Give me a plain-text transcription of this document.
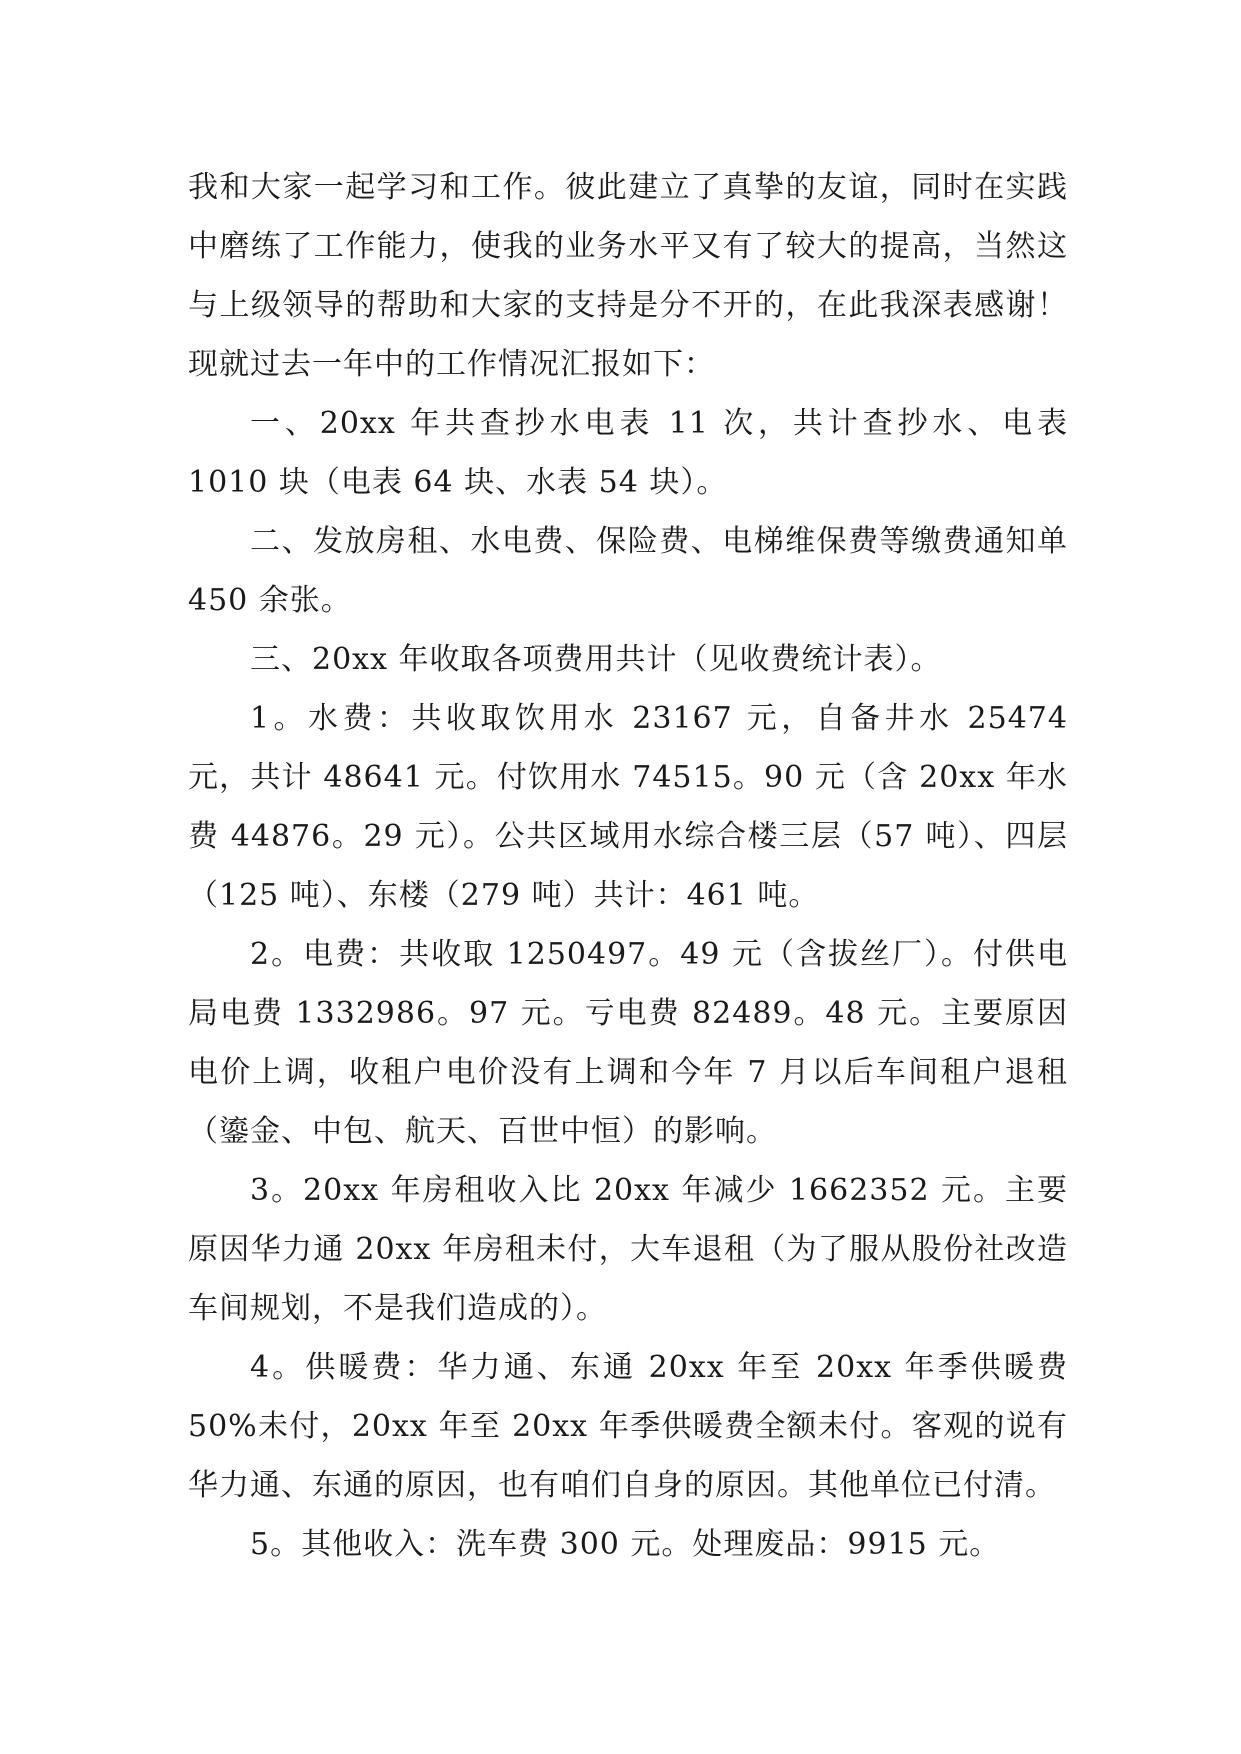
我和大家一起学习和工作。彼此建立了真挚的友谊，同时在实践中磨练了工作能力，使我的业务水平又有了较大的提高，当然这与上级领导的帮助和大家的支持是分不开的，在此我深表感谢！现就过去一年中的工作情况汇报如下：

一、20xx 年共查抄水电表 11 次，共计查抄水、电表 1010 块（电表 64 块、水表 54 块）。

二、发放房租、水电费、保险费、电梯维保费等缴费通知单 450 余张。

三、20xx 年收取各项费用共计（见收费统计表）。

1。水费：共收取饮用水 23167 元，自备井水 25474 元，共计 48641 元。付饮用水 74515。90 元（含 20xx 年水费 44876。29 元）。公共区域用水综合楼三层（57 吨）、四层（125 吨）、东楼（279 吨）共计：461 吨。

2。电费：共收取 1250497。49 元（含拔丝厂）。付供电局电费 1332986。97 元。亏电费 82489。48 元。主要原因电价上调，收租户电价没有上调和今年 7 月以后车间租户退租（鎏金、中包、航天、百世中恒）的影响。

3。20xx 年房租收入比 20xx 年减少 1662352 元。主要原因华力通 20xx 年房租未付，大车退租（为了服从股份社改造车间规划，不是我们造成的）。

4。供暖费：华力通、东通 20xx 年至 20xx 年季供暖费 50%未付，20xx 年至 20xx 年季供暖费全额未付。客观的说有华力通、东通的原因，也有咱们自身的原因。其他单位已付清。

5。其他收入：洗车费 300 元。处理废品：9915 元。
